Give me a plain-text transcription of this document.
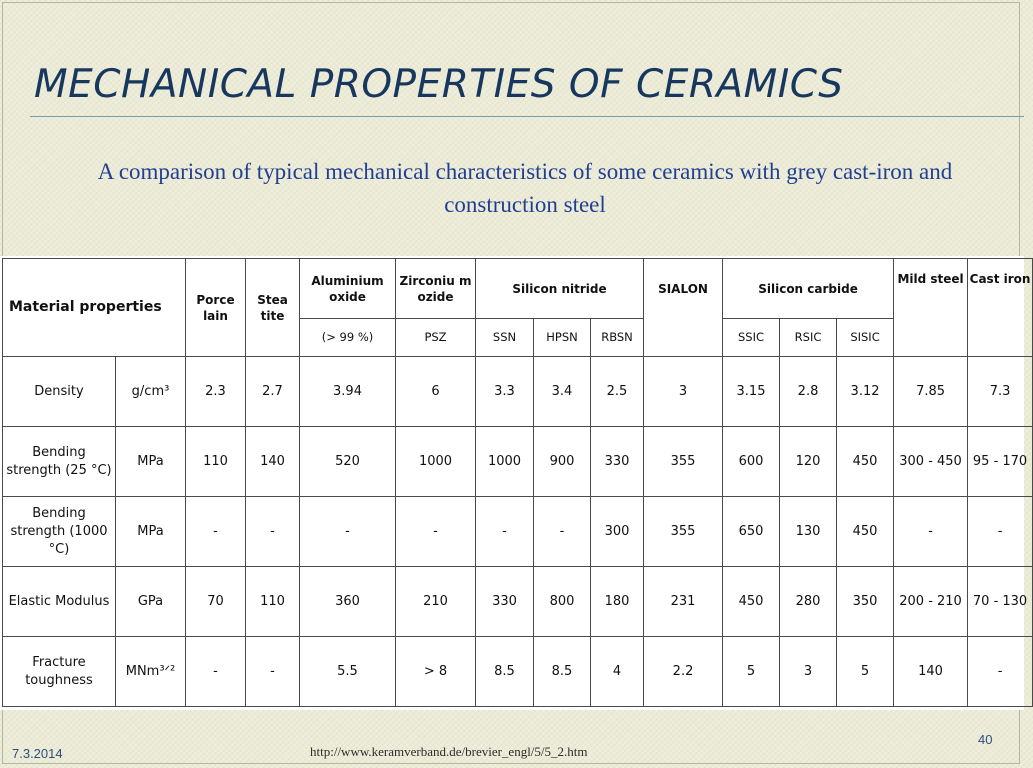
MECHANICAL PROPERTIES OF CERAMICS

A comparison of typical mechanical characteristics of some ceramics with grey cast-iron and construction steel

Material properties		Porce lain	Stea tite	Aluminium oxide	Zirconiu m ozide	Silicon nitride			SIALON	Silicon carbide			Mild steel	Cast iron
				(> 99 %)	PSZ	SSN	HPSN	RBSN		SSIC	RSIC	SISIC		
Density	g/cm³	2.3	2.7	3.94	6	3.3	3.4	2.5	3	3.15	2.8	3.12	7.85	7.3
Bending strength (25 °C)	MPa	110	140	520	1000	1000	900	330	355	600	120	450	300 - 450	95 - 170
Bending strength (1000 °C)	MPa	-	-	-	-	-	-	300	355	650	130	450	-	-
Elastic Modulus	GPa	70	110	360	210	330	800	180	231	450	280	350	200 - 210	70 - 130
Fracture toughness	MNm³ᐟ²	-	-	5.5	> 8	8.5	8.5	4	2.2	5	3	5	140	-
7.3.2014	http://www.keramverband.de/brevier_engl/5/5_2.htm
40
